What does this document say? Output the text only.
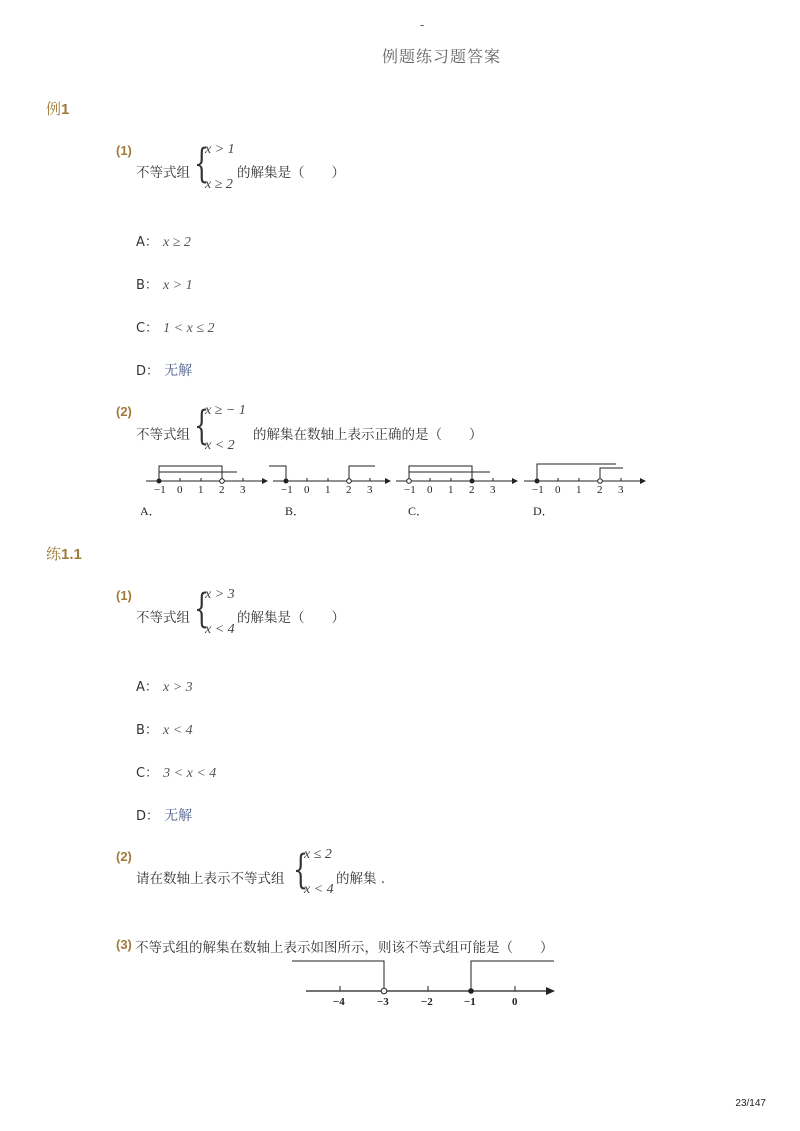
-
例题练习题答案
例1
(1)
不等式组 {
x > 1
x ≥ 2
的解集是（　　）
A： x ≥ 2
B： x > 1
C： 1 < x ≤ 2
D： 无解
(2)
不等式组 {
x ≥ − 1
x < 2
的解集在数轴上表示正确的是（　　）
−1 0 1 2 3
A．
−1 0 1 2 3
B．
−1 0 1 2 3
C．
−1 0 1 2 3
D．
练1.1
(1)
不等式组 {
x > 3
x < 4
的解集是（　　）
A： x > 3
B： x < 4
C： 3 < x < 4
D： 无解
(2)
请在数轴上表示不等式组 {
x ≤ 2
x < 4
的解集 .
(3) 不等式组的解集在数轴上表示如图所示，则该不等式组可能是（　　）
−4	−3	−2	−1	0
23/147
